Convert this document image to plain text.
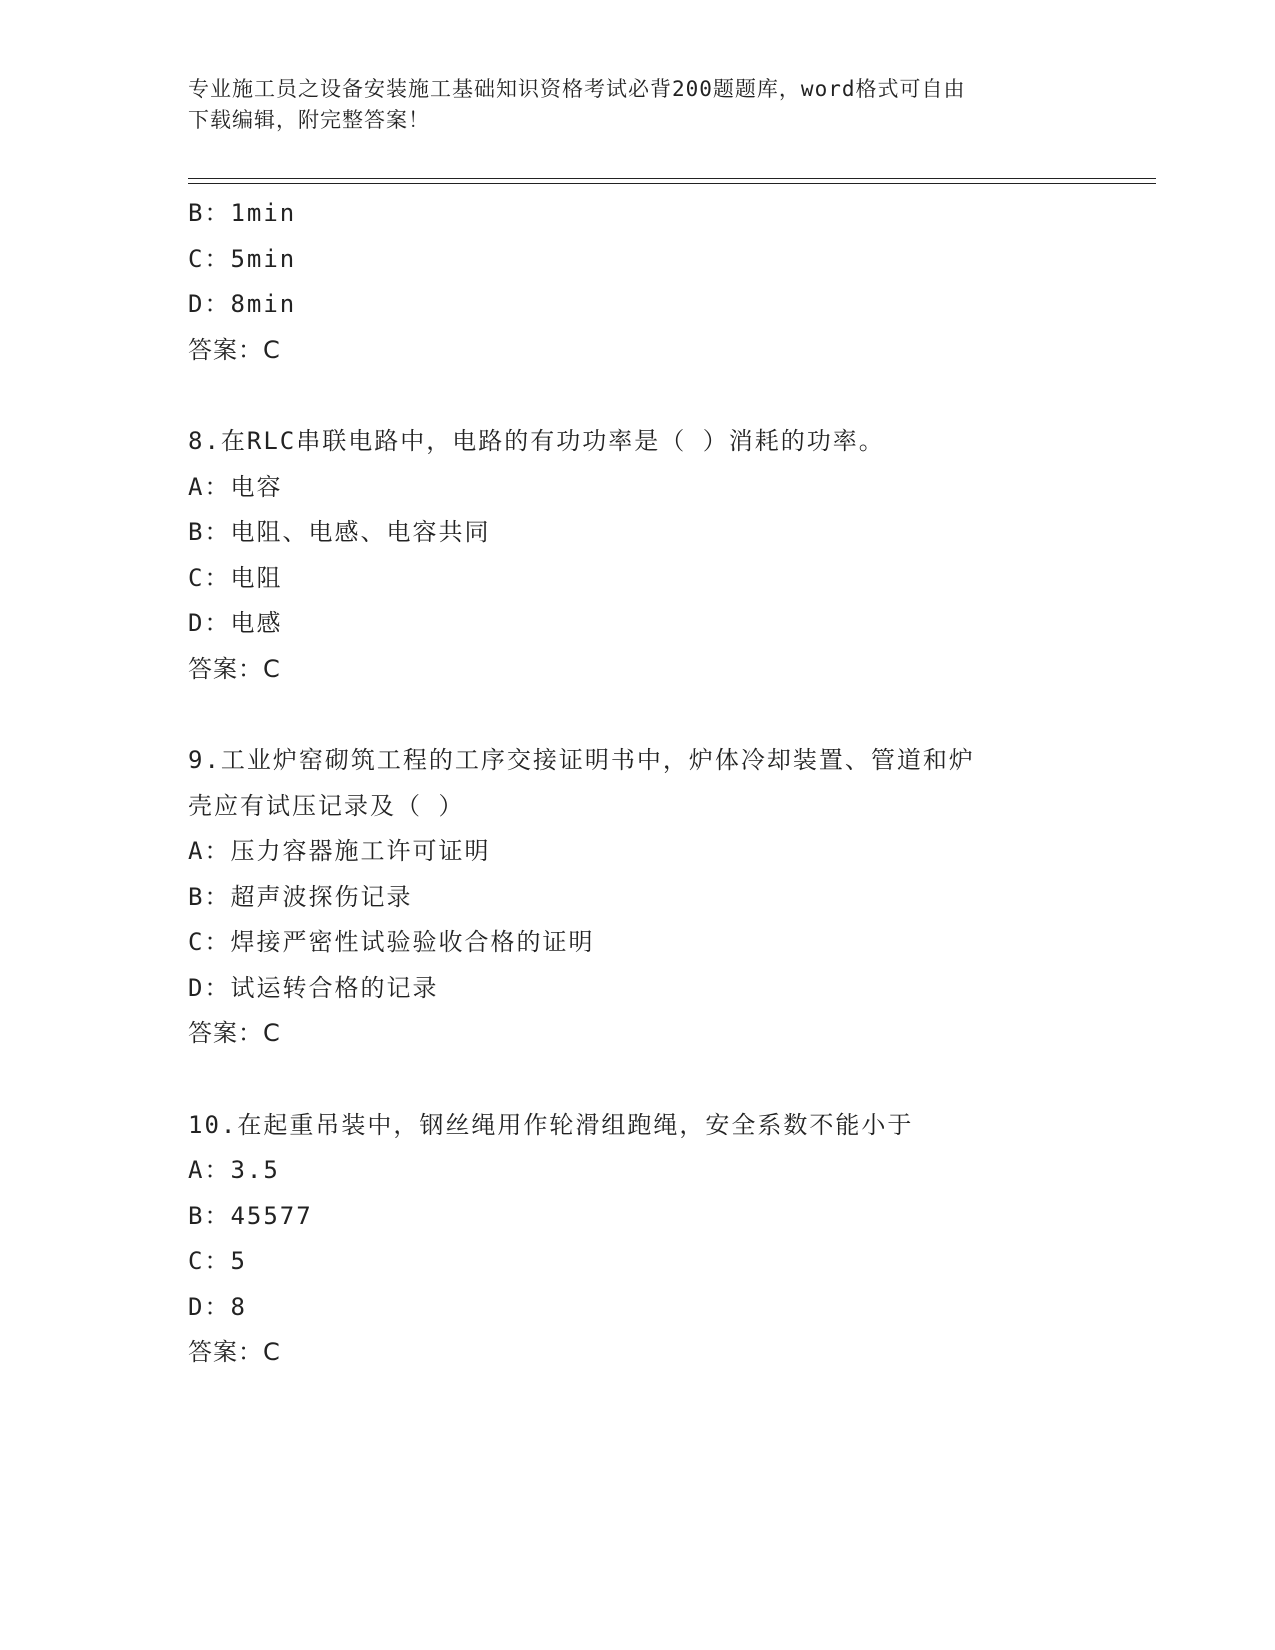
专业施工员之设备安装施工基础知识资格考试必背200题题库，word格式可自由
下载编辑，附完整答案！
B：1min
C：5min
D：8min
答案：C
8.在RLC串联电路中，电路的有功功率是（ ）消耗的功率。
A：电容
B：电阻、电感、电容共同
C：电阻
D：电感
答案：C
9.工业炉窑砌筑工程的工序交接证明书中，炉体冷却装置、管道和炉
壳应有试压记录及（ ）
A：压力容器施工许可证明
B：超声波探伤记录
C：焊接严密性试验验收合格的证明
D：试运转合格的记录
答案：C
10.在起重吊装中，钢丝绳用作轮滑组跑绳，安全系数不能小于
A：3.5
B：45577
C：5
D：8
答案：C
